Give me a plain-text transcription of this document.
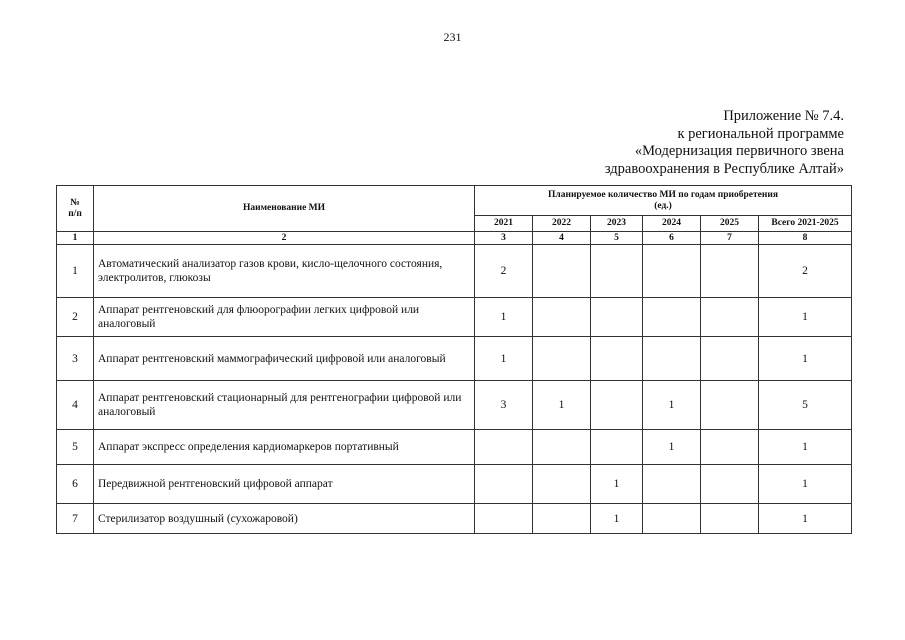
231
Приложение № 7.4.
к региональной программе
«Модернизация первичного звена
здравоохранения в Республике Алтай»
№
п/п	Наименование МИ	Планируемое количество МИ по годам приобретения
(ед.)					
		2021	2022	2023	2024	2025	Всего 2021-2025
1	2	3	4	5	6	7	8
1	Автоматический анализатор газов крови, кисло-щелочного состояния, электролитов, глюкозы	2					2
2	Аппарат рентгеновский для флюорографии легких цифровой или аналоговый	1					1
3	Аппарат рентгеновский маммографический цифровой или аналоговый	1					1
4	Аппарат рентгеновский стационарный для рентгенографии цифровой или аналоговый	3	1		1		5
5	Аппарат экспресс определения кардиомаркеров портативный				1		1
6	Передвижной рентгеновский цифровой аппарат			1			1
7	Стерилизатор воздушный (сухожаровой)			1			1
